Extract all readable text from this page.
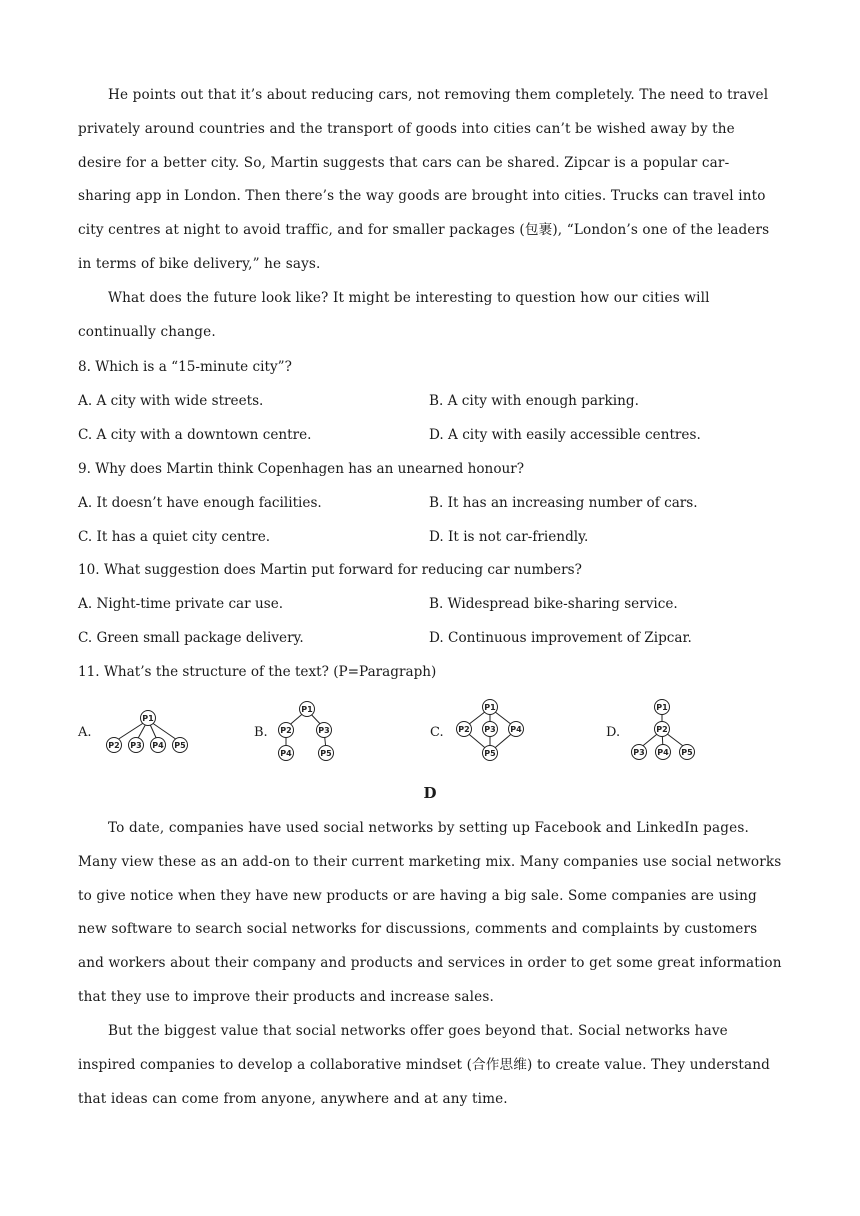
He points out that it’s about reducing cars, not removing them completely. The need to travel privately around countries and the transport of goods into cities can’t be wished away by the desire for a better city. So, Martin suggests that cars can be shared. Zipcar is a popular car-sharing app in London. Then there’s the way goods are brought into cities. Trucks can travel into city centres at night to avoid traffic, and for smaller packages (包裹), “London’s one of the leaders in terms of bike delivery,” he says.

What does the future look like? It might be interesting to question how our cities will continually change.

8. Which is a “15-minute city”?
A. A city with wide streets.	B. A city with enough parking.
C. A city with a downtown centre.	D. A city with easily accessible centres.
9. Why does Martin think Copenhagen has an unearned honour?
A. It doesn’t have enough facilities.	B. It has an increasing number of cars.
C. It has a quiet city centre.	D. It is not car-friendly.
10. What suggestion does Martin put forward for reducing car numbers?
A. Night-time private car use.	B. Widespread bike-sharing service.
C. Green small package delivery.	D. Continuous improvement of Zipcar.
11. What’s the structure of the text? (P=Paragraph)
A.
P1
P2 P3 P4 P5
B.
P1
P2	P3
P4	P5
C.
P1
P2 P3 P4
P5
D.
P1
P2
P3 P4 P5
D

To date, companies have used social networks by setting up Facebook and LinkedIn pages. Many view these as an add-on to their current marketing mix. Many companies use social networks to give notice when they have new products or are having a big sale. Some companies are using new software to search social networks for discussions, comments and complaints by customers and workers about their company and products and services in order to get some great information that they use to improve their products and increase sales.

But the biggest value that social networks offer goes beyond that. Social networks have inspired companies to develop a collaborative mindset (合作思维) to create value. They understand that ideas can come from anyone, anywhere and at any time.
